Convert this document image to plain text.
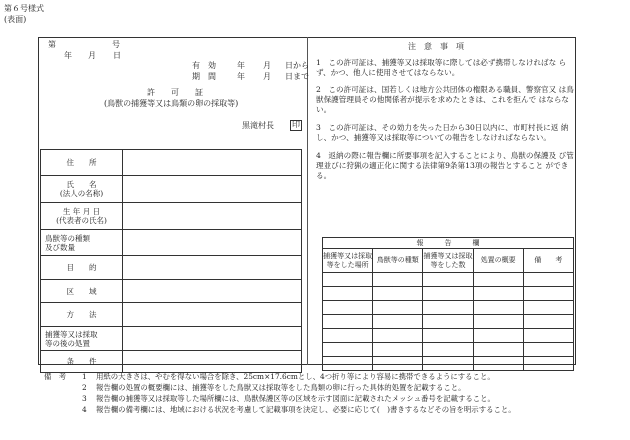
第６号様式
(表面)
第	号
年 月 日
有　効
期　間
年 月 日から
年 月 日まで
許　　可　　証
(鳥獣の捕獲等又は鳥類の卵の採取等)
黒滝村長 印
住　　所	
氏　　名
(法人の名称)	
生 年 月 日
(代表者の氏名)	
鳥獣等の種類
及び数量	
目　　的	
区　　域	
方　　法	
捕獲等又は採取
等の後の処置	
条　　件	
注　意　事　項
1　この許可証は、捕獲等又は採取等に際しては必ず携帯しなければな らず、かつ、他人に使用させてはならない。
2　この許可証は、国若しくは地方公共団体の権限ある職員、警察官又 は鳥獣保護管理員その他関係者が提示を求めたときは、これを拒んで はならない。
3　この許可証は、その効力を失った日から30日以内に、市町村長に返 納し、かつ、捕獲等又は採取等についての報告をしなければならない。
4　返納の際に報告欄に所要事項を記入することにより、鳥獣の保護及 び管理並びに狩猟の適正化に関する法律第9条第13項の報告とすること ができる。
報　　　告　　　欄				
捕獲等又は採取等をした場所	鳥獣等の種類	捕獲等又は採取等をした数	処置の概要	備　　考

備　考 1 用紙の大きさは、やむを得ない場合を除き、25cm×17.6cmとし、4つ折り等により容易に携帯できるようにすること。
2 報告欄の処置の概要欄には、捕獲等をした鳥獣又は採取等をした鳥類の卵に行った具体的処置を記載すること。
3 報告欄の捕獲等又は採取等した場所欄には、鳥獣保護区等の区域を示す図面に記載されたメッシュ番号を記載すること。
4 報告欄の備考欄には、地域における状況を考慮して記載事項を決定し、必要に応じて(　)書きするなどその旨を明示すること。
